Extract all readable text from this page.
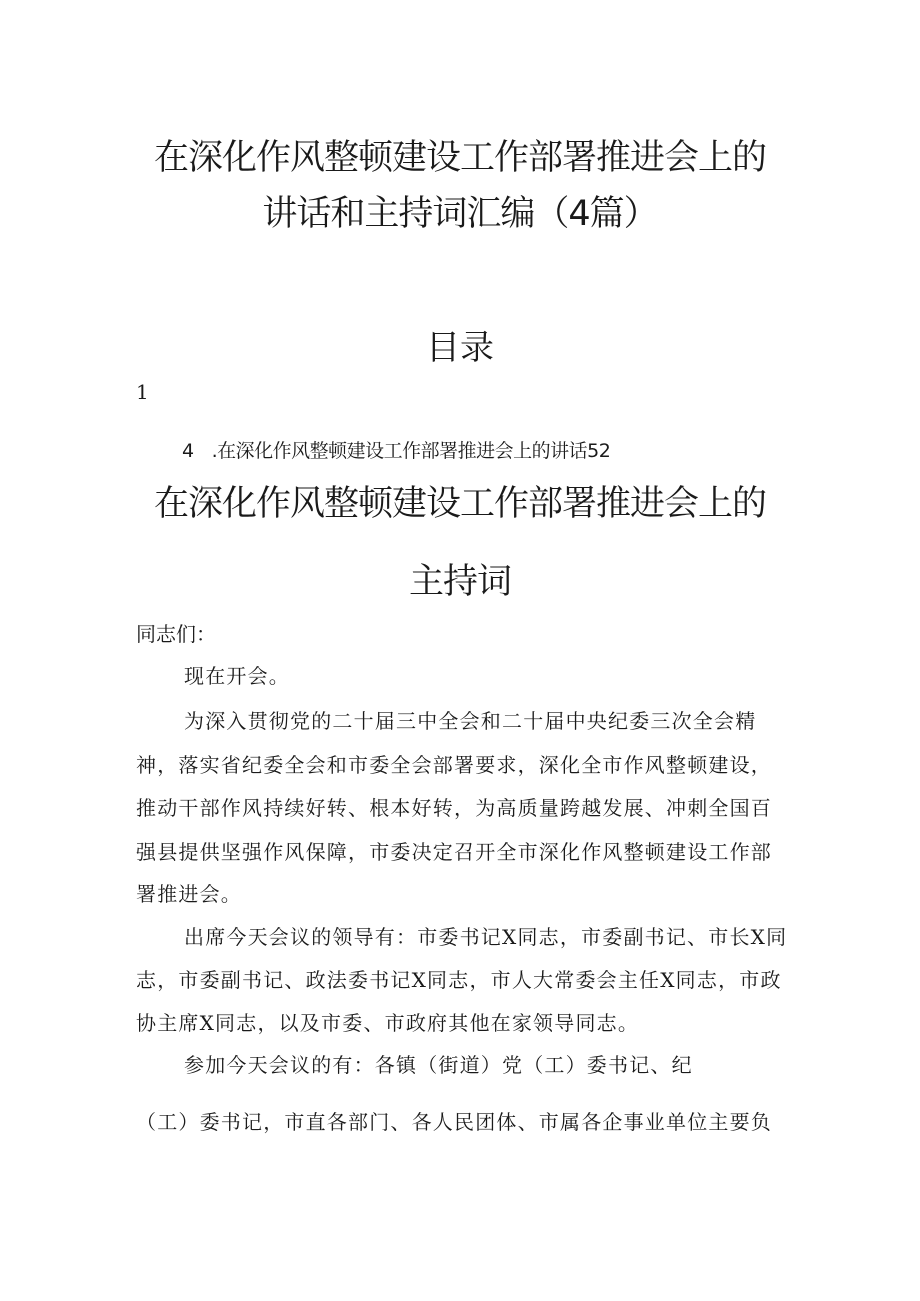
在深化作风整顿建设工作部署推进会上的
讲话和主持词汇编（4篇）
目录
1
4 .在深化作风整顿建设工作部署推进会上的讲话52
在深化作风整顿建设工作部署推进会上的
主持词
同志们：
现在开会。
为深入贯彻党的二十届三中全会和二十届中央纪委三次全会精
神，落实省纪委全会和市委全会部署要求，深化全市作风整顿建设，
推动干部作风持续好转、根本好转，为高质量跨越发展、冲刺全国百
强县提供坚强作风保障，市委决定召开全市深化作风整顿建设工作部
署推进会。
出席今天会议的领导有：市委书记X同志，市委副书记、市长X同
志，市委副书记、政法委书记X同志，市人大常委会主任X同志，市政
协主席X同志，以及市委、市政府其他在家领导同志。
参加今天会议的有：各镇（街道）党（工）委书记、纪
（工）委书记，市直各部门、各人民团体、市属各企事业单位主要负
